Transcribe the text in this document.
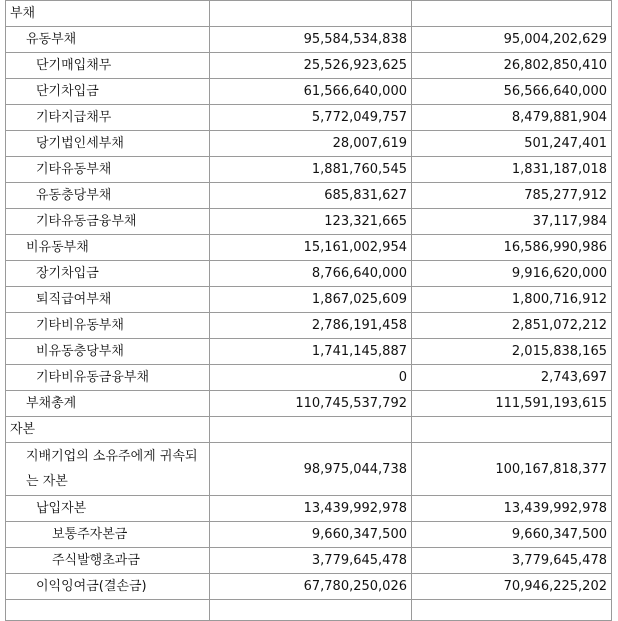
부채		
유동부채	95,584,534,838	95,004,202,629
단기매입채무	25,526,923,625	26,802,850,410
단기차입금	61,566,640,000	56,566,640,000
기타지급채무	5,772,049,757	8,479,881,904
당기법인세부채	28,007,619	501,247,401
기타유동부채	1,881,760,545	1,831,187,018
유동충당부채	685,831,627	785,277,912
기타유동금융부채	123,321,665	37,117,984
비유동부채	15,161,002,954	16,586,990,986
장기차입금	8,766,640,000	9,916,620,000
퇴직급여부채	1,867,025,609	1,800,716,912
기타비유동부채	2,786,191,458	2,851,072,212
비유동충당부채	1,741,145,887	2,015,838,165
기타비유동금융부채	0	2,743,697
부채총계	110,745,537,792	111,591,193,615
자본		
지배기업의 소유주에게 귀속되는 자본	98,975,044,738	100,167,818,377
납입자본	13,439,992,978	13,439,992,978
보통주자본금	9,660,347,500	9,660,347,500
주식발행초과금	3,779,645,478	3,779,645,478
이익잉여금(결손금)	67,780,250,026	70,946,225,202
